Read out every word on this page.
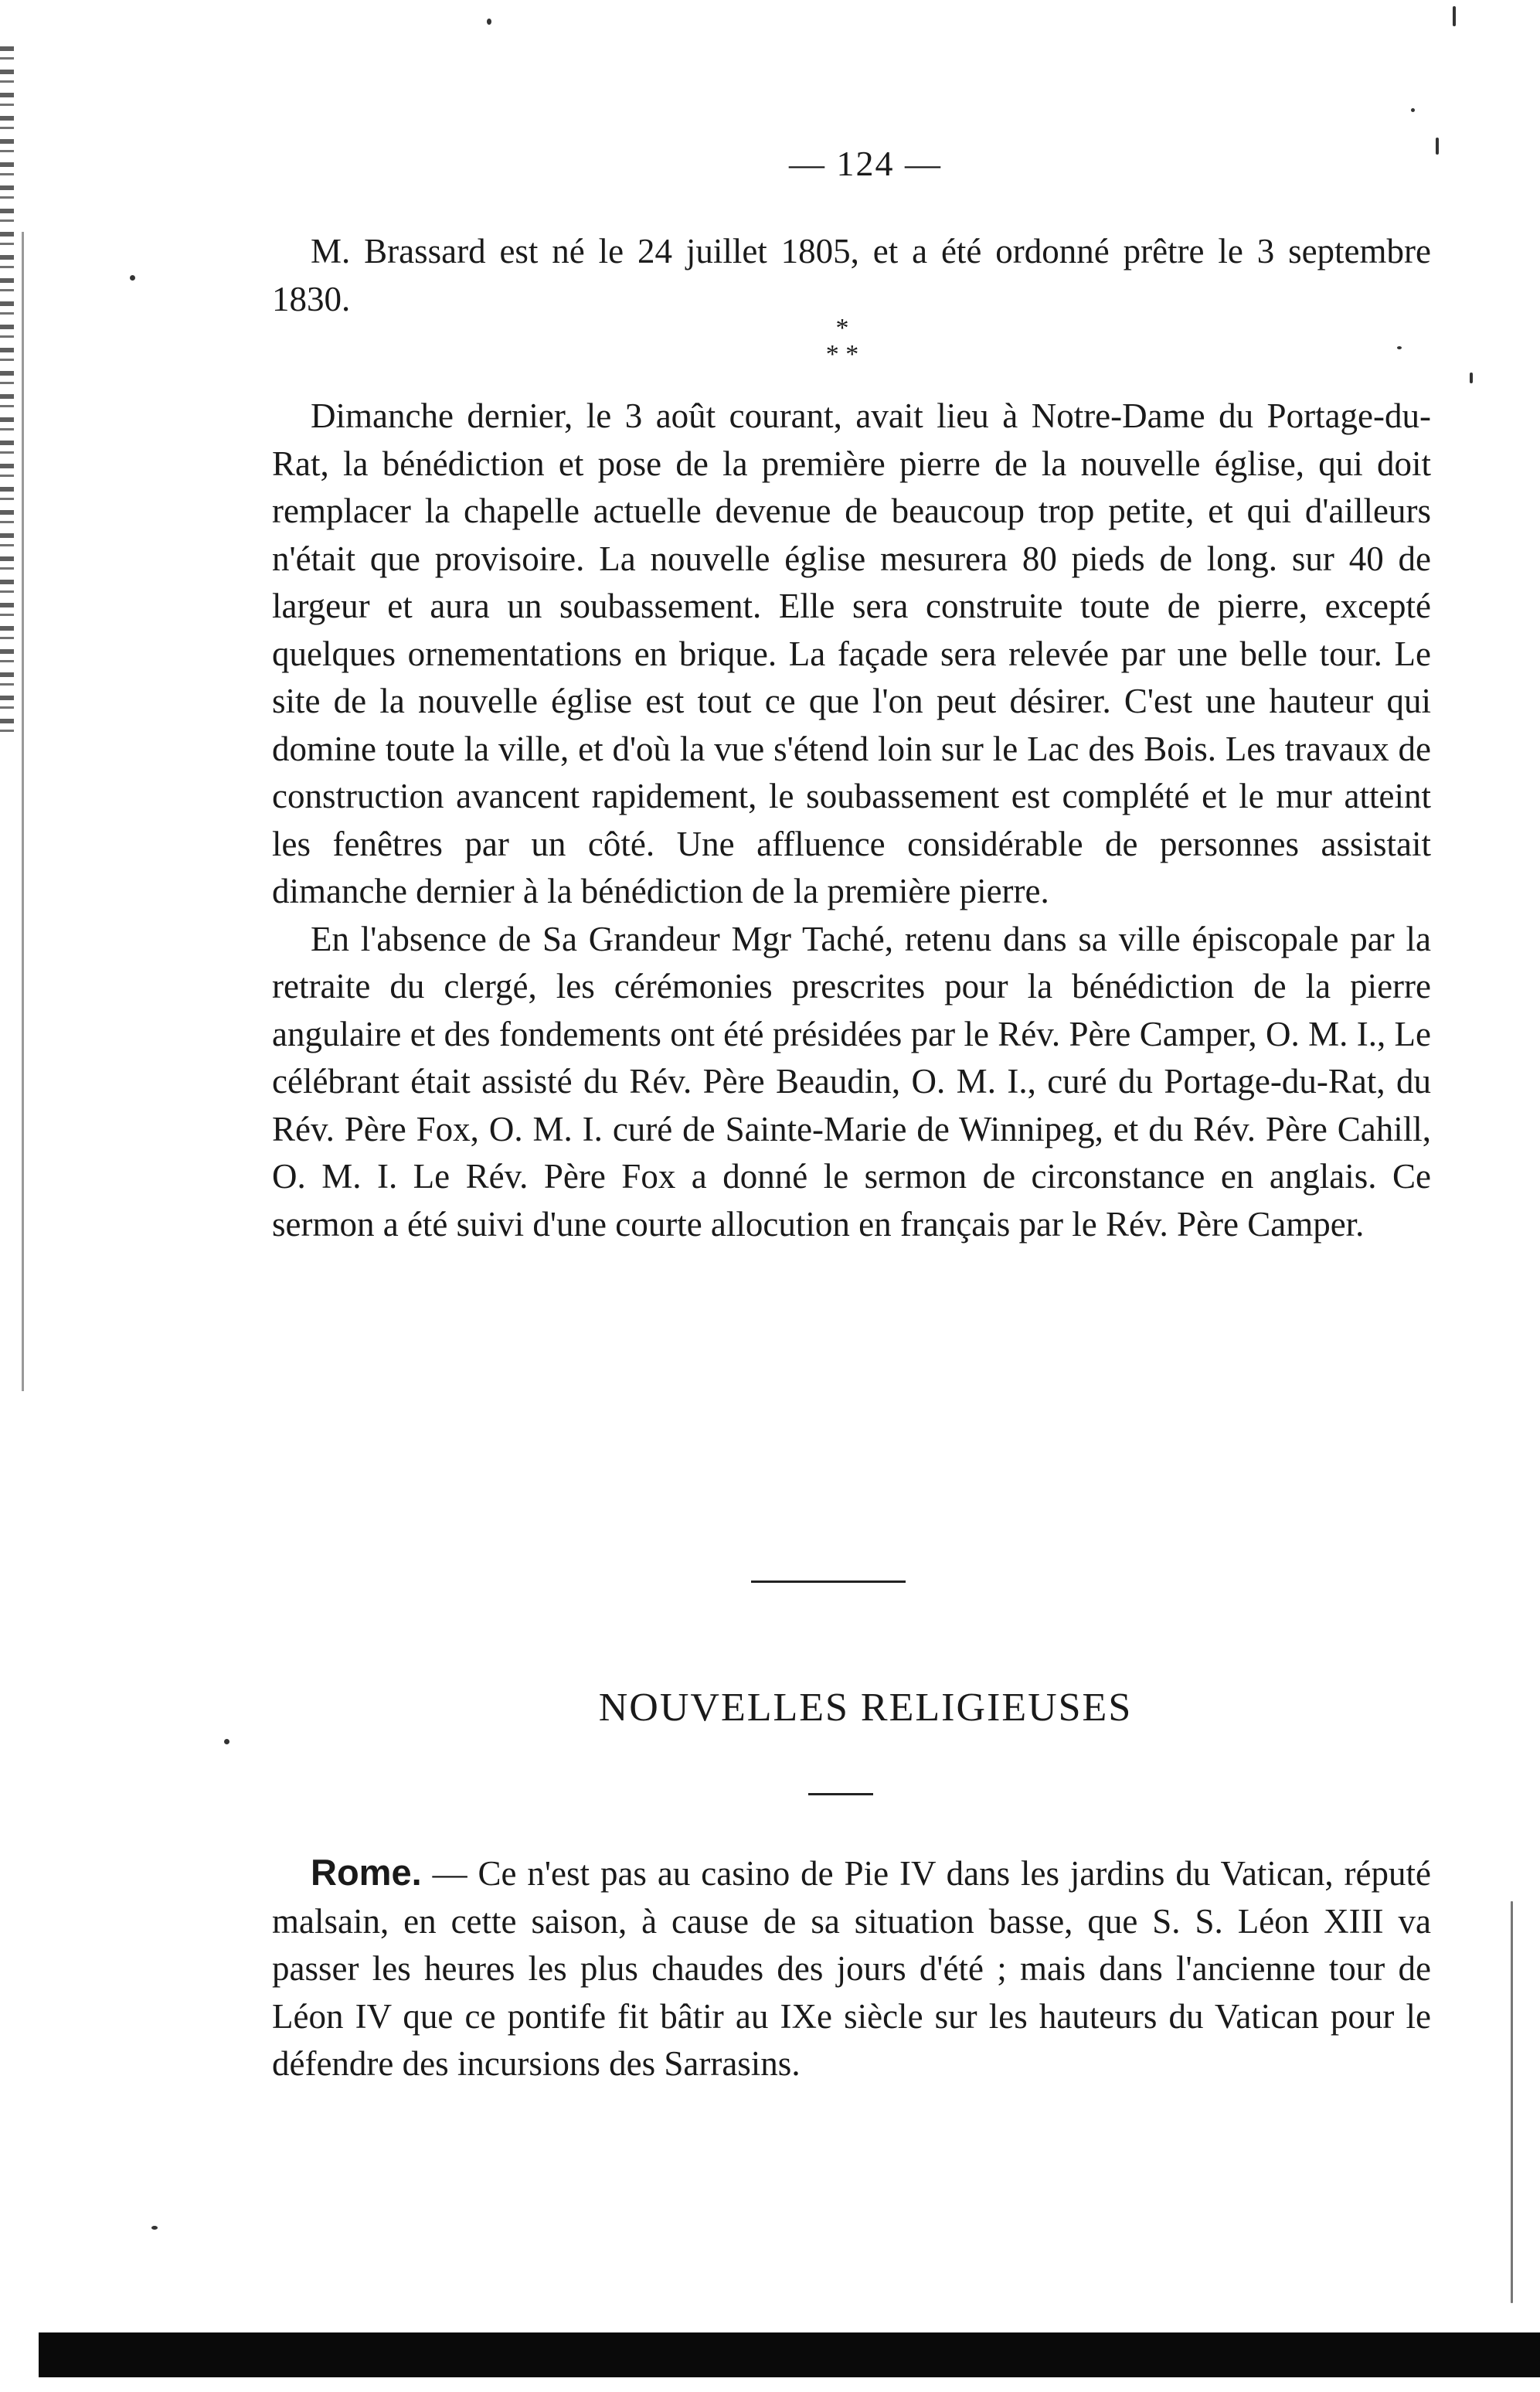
— 124 —

M. Brassard est né le 24 juillet 1805, et a été ordonné prêtre le 3 septembre 1830.

*
* *

Dimanche dernier, le 3 août courant, avait lieu à Notre-Dame du Portage-du-Rat, la bénédiction et pose de la première pierre de la nouvelle église, qui doit remplacer la chapelle actuelle devenue de beaucoup trop petite, et qui d'ailleurs n'était que provisoire. La nouvelle église mesurera 80 pieds de long. sur 40 de largeur et aura un soubassement. Elle sera construite toute de pierre, excepté quelques ornementations en brique. La façade sera relevée par une belle tour. Le site de la nouvelle église est tout ce que l'on peut désirer. C'est une hauteur qui domine toute la ville, et d'où la vue s'étend loin sur le Lac des Bois. Les travaux de construction avancent rapidement, le soubassement est complété et le mur atteint les fenêtres par un côté. Une affluence considérable de personnes assistait dimanche dernier à la bénédiction de la première pierre.

En l'absence de Sa Grandeur Mgr Taché, retenu dans sa ville épiscopale par la retraite du clergé, les cérémonies prescrites pour la bénédiction de la pierre angulaire et des fondements ont été présidées par le Rév. Père Camper, O. M. I., Le célébrant était assisté du Rév. Père Beaudin, O. M. I., curé du Portage-du-Rat, du Rév. Père Fox, O. M. I. curé de Sainte-Marie de Winnipeg, et du Rév. Père Cahill, O. M. I. Le Rév. Père Fox a donné le sermon de circonstance en anglais. Ce sermon a été suivi d'une courte allocution en français par le Rév. Père Camper.

NOUVELLES RELIGIEUSES

Rome. — Ce n'est pas au casino de Pie IV dans les jardins du Vatican, réputé malsain, en cette saison, à cause de sa situation basse, que S. S. Léon XIII va passer les heures les plus chaudes des jours d'été ; mais dans l'ancienne tour de Léon IV que ce pontife fit bâtir au IXe siècle sur les hauteurs du Vatican pour le défendre des incursions des Sarrasins.
